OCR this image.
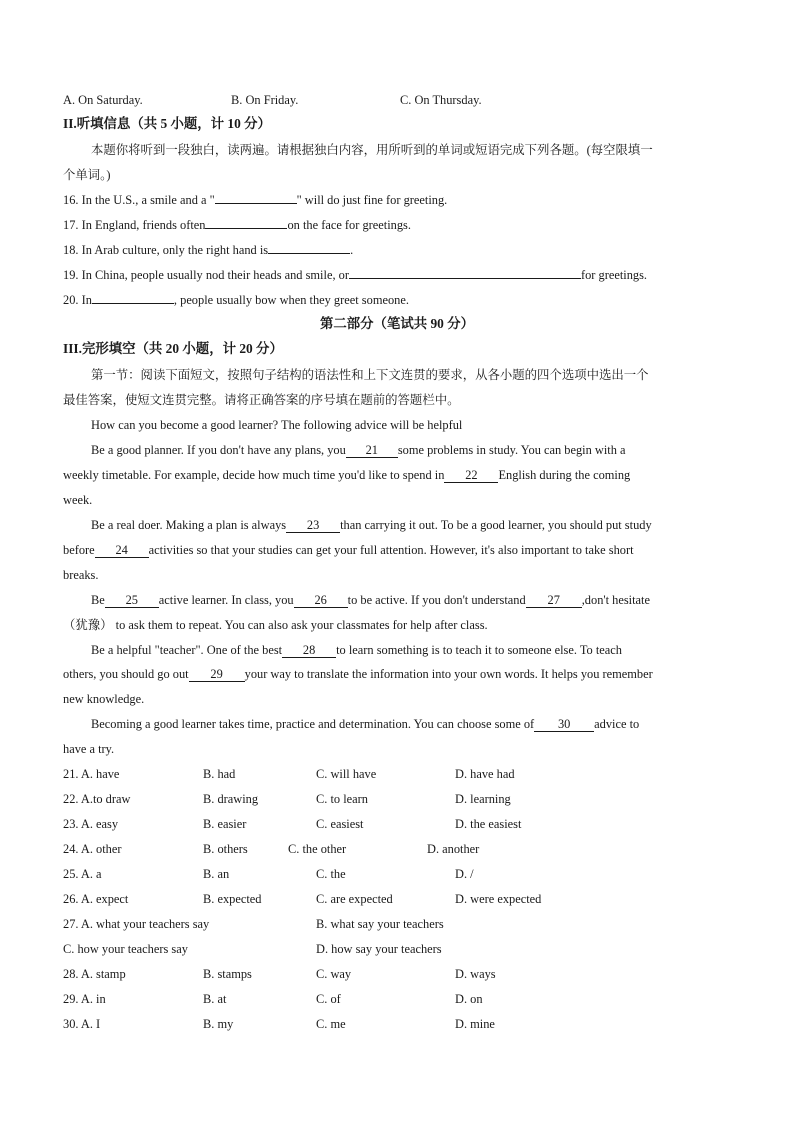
A. On Saturday.	B. On Friday.	C. On Thursday.
II.听填信息（共 5 小题，计 10 分）
本题你将听到一段独白，读两遍。请根据独白内容，用所听到的单词或短语完成下列各题。(每空限填一
个单词。)
16. In the U.S., a smile and a "	" will do just fine for greeting.
17. In England, friends often	on the face for greetings.
18. In Arab culture, only the right hand is	.
19. In China, people usually nod their heads and smile, or	for greetings.
20. In	, people usually bow when they greet someone.
第二部分（笔试共 90 分）
III.完形填空（共 20 小题，计 20 分）
第一节：阅读下面短文，按照句子结构的语法性和上下文连贯的要求，从各小题的四个选项中选出一个
最佳答案，使短文连贯完整。请将正确答案的序号填在题前的答题栏中。
How can you become a good learner? The following advice will be helpful
Be a good planner. If you don't have any plans, you 21 some problems in study. You can begin with a
weekly timetable. For example, decide how much time you'd like to spend in 22 English during the coming
week.
Be a real doer. Making a plan is always 23 than carrying it out. To be a good learner, you should put study
before 24 activities so that your studies can get your full attention. However, it's also important to take short
breaks.
Be 25 active learner. In class, you 26 to be active. If you don't understand 27 ,don't hesitate
（犹豫） to ask them to repeat. You can also ask your classmates for help after class.
Be a helpful "teacher". One of the best 28 to learn something is to teach it to someone else. To teach
others, you should go out 29 your way to translate the information into your own words. It helps you remember
new knowledge.
Becoming a good learner takes time, practice and determination. You can choose some of 30 advice to
have a try.
21. A. have	B. had	C. will have	D. have had
22. A.to draw	B. drawing	C. to learn	D. learning
23. A. easy	B. easier	C. easiest	D. the easiest
24. A. other	B. others	C. the other	D. another
25. A. a	B. an	C. the	D. /
26. A. expect	B. expected	C. are expected	D. were expected
27. A. what your teachers say	B. what say your teachers
C. how your teachers say	D. how say your teachers
28. A. stamp	B. stamps	C. way	D. ways
29. A. in	B. at	C. of	D. on
30. A. I	B. my	C. me	D. mine
